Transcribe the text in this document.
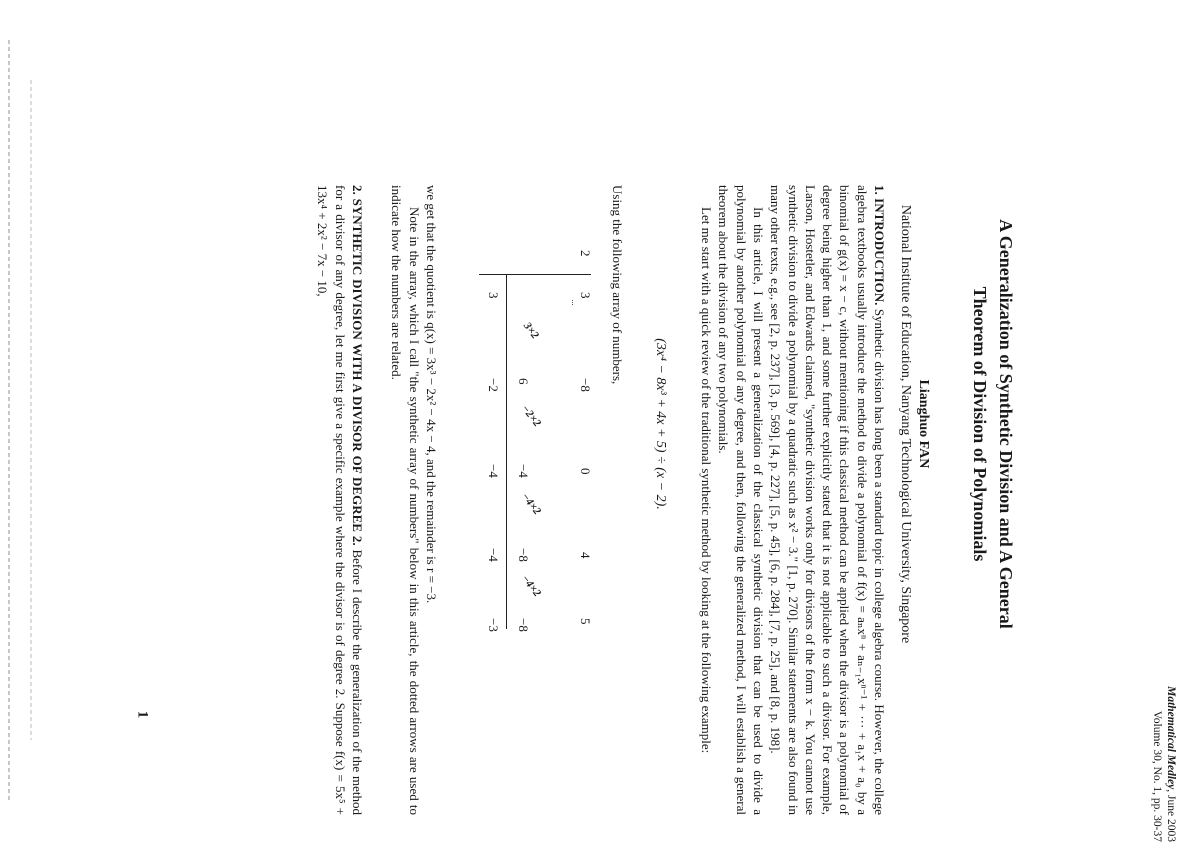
1	Mathematical Medley, June 2003
Volume 30, No. 1, pp. 30-37
A Generalization of Synthetic Division and A General
Theorem of Division of Polynomials
Lianghuo FAN
National Institute of Education, Nanyang Technological University, Singapore

1. INTRODUCTION. Synthetic division has long been a standard topic in college algebra course. However, the college algebra textbooks usually introduce the method to divide a polynomial of f(x) = aₙxⁿ + aₙ₋₁xⁿ⁻¹ + ··· + a₁x + a₀ by a binomial of g(x) = x − c, without mentioning if this classical method can be applied when the divisor is a polynomial of degree being higher than 1, and some further explicitly stated that it is not applicable to such a divisor. For example, Larson, Hostetler, and Edwards claimed, "synthetic division works only for divisors of the form x − k. You cannot use synthetic division to divide a polynomial by a quadratic such as x² − 3." [1, p. 270]. Similar statements are also found in many other texts, e.g., see [2, p. 237], [3, p. 569], [4, p. 227], [5, p. 45], [6, p. 284], [7, p. 25], and [8, p. 198].

In this article, I will present a generalization of the classical synthetic division that can be used to divide a polynomial by another polynomial of any degree, and then, following the generalized method, I will establish a general theorem about the division of any two polynomials.

Let me start with a quick review of the traditional synthetic method by looking at the following example:

(3x⁴ − 8x³ + 4x + 5) ÷ (x − 2).
Using the following array of numbers,
2
3
−8
0
4
5
6
−4
−8
−8
3×2
−2×2
−4×2
−4×2
3
−2
−4
−4
−3

we get that the quotient is q(x) = 3x³ − 2x² − 4x − 4, and the remainder is r = −3.

Note in the array, which I call "the synthetic array of numbers" below in this article, the dotted arrows are used to indicate how the numbers are related.

2. SYNTHETIC DIVISION WITH A DIVISOR OF DEGREE 2. Before I describe the generalization of the method for a divisor of any degree, let me first give a specific example where the divisor is of degree 2. Suppose f(x) = 5x⁵ + 13x⁴ + 2x² − 7x − 10,
